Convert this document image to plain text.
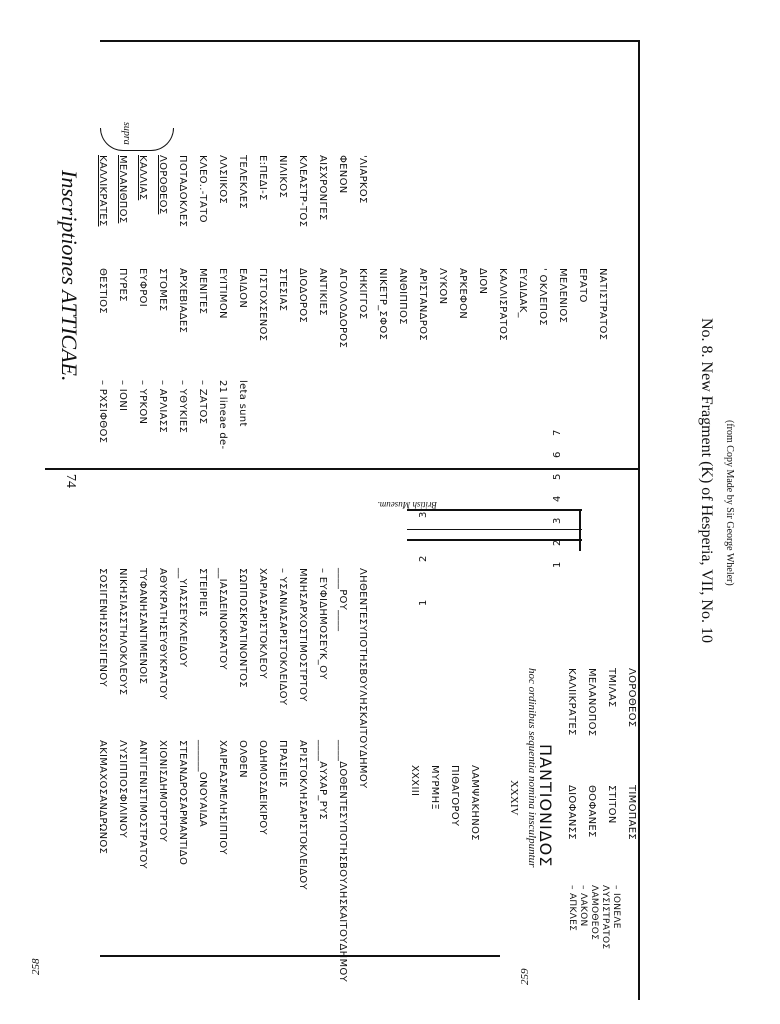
74
Inscriptiones ATTICAE.
– ΡΧΣΙΦΘΟΣ – ΙΟΝΙ – ΥΡΚΟΝ – ΑΡΛΙΑΣΣ – ΥΘΥΚΙΕΣ – ΖΑΤΟΣ 21 lineae de- leta sunt
ΘΕΣΤΙΟΣ ΠΥΡΕΣ ΕΥΦΡΟΙ ΣΤΟΜΕΣ ΑΡΧΕΒΙΑΔΕΣ ΜΕΝΙΤΕΣ ΕΥΙΤΙΜΟΝ ΕΑΙΔΟΝ ΓΙΣΤΟΧΣΕΝΟΣ ΣΤΕΣΙΑΣ ΔΙΟΔΟΡΟΣ ΑΝΤΙΚΙΕΣ ΑΓΟΛΛΟΔΟΡΟΣ ΚΗΚΙΓΓΟΣ ΝΙΚΕΤΡ_ΣΦΟΣ ΑΝΘΙΠΠΟΣ ΑΡΙΣΤΑΝΔΡΟΣ ΛΥΚΟΝ ΑΡΚΕΦΟΝ ΔΙΟΝ ΚΑΛΛΙΣΡΑΤΟΣ ΕΥΔΙΔΑΚ_ ' ΟΚΛΕΠΟΣ ΜΕΛΕΝΙΟΣ ΕΡΑΤΟ ΝΑΤΙΣΤΡΑΤΟΣ
ΚΑΛΛΙΚΡΑΤΕΣ ΜΕΛΑΝΘΠΟΣ ΚΑΛΛΙΑΣ ΛΟΡΟΘΕΟΣ ΠΟΤΑΔΟΚΛΕΣ ΚΛΕΟ..-ΤΑΤΟ ΛΛΣΙΙΚΟΣ ΤΕΛΕΚΛΕΣ Ε:ΠΕΔΙ-Σ ΝΙΛΙΚΟΣ ΚΛΕΑΣΤΡ-ΤΟΣ ΑΙΣΧΡΟΝΓΕΣ ΦΕΝΟΝ 'ΛΙΑΡΚΟΣ
supra
ΑΚΙΜΑΧΟΣΑΝΔΡΩΝΟΣ ΛΥΣΙΠΠΟΣΦΙΛΙΝΟΥ ΑΝΤΙΓΕΝΙΣΤΙΜΟΣΤΡΑΤΟΥ ΧΙΟΝΙΣΔΗΜΟΤΡΤΟΥ ΣΤΕΑΝΔΡΟΣΑΡΜΑΝΤΙΔΟ ______ΟΝΟΥΑΙΔΑ ΧΑΙΡΕΑΣΜΕΛΗΣΙΠΠΟΥ ΟΛΘΕΝ ΟΔΗΜΟΣΔΕΙΚΙΡΟΥ ΠΡΑΣΙΕΙΣ ΑΡΙΣΤΟΚΛΗΣΑΡΙΣΤΟΚΛΕΙΔΟΥ ____ΑΥΧΑΡ_ΡΥΣ ____ΔΟΘΕΝΤΕΣΥΠΟΤΗΣΒΟΥΛΗΣΚΑΙΤΟΥΔΗΜΟΥ
ΣΟΣΙΓΕΝΗΣΣΟΣΙΓΕΝΟΥ ΝΙΚΗΣΙΑΣΣΤΗΛΟΚΛΕΟΥΣ ΤΥΦΑΝΗΣΑΝΤΙΜΕΝΟΙΣ ΑΘΥΚΡΑΤΗΣΕΥΘΥΚΡΑΤΟΥ __ΥΙΑΣΣΕΥΚΛΕΙΔΟΥ ΣΤΕΙΡΙΕΙΣ __ΙΑΣΔΕΙΝΟΚΡΑΤΟΥ ΣΩΠΠΟΣΚΡΑΤΙΝΟΝΤΟΣ ΧΑΡΙΑΣΑΡΙΣΤΟΚΛΕΟΥ – ΥΣΑΝΙΑΣΑΡΙΣΤΟΚΛΕΙΔΟΥ ΜΝΗΣΑΡΧΟΣΤΙΜΟΣΤΡΤΟΥ – ΕΥΦΙΔΗΜΟΣΕΥΚ_ΟΥ ____ΡΟΥ____ ΛΗΘΕΝΤΕΣΥΠΟΤΗΣΒΟΥΛΗΣΚΑΙΤΟΥΔΗΜΟΥ	XXXIII ΜΥΡΜΗΞ ΠΙΘΑΓΟΡΟΥ ΛΑΜΨΑΚΗΝΟΣ	XXXIV hoc ordinibus sequentia nomina insculpuntur
ΠΑΝΤΙΟΝΙΔΟΣ
– ΑΠΚΛΕΣ – ΛΑΚΟΝ ΛΑΜΟΘΕΟΣ ΛΥΣΙΣΤΡΑΤΟΣ – ΙΟΝΕΛΕ
ΔΙΟΦΑΝΣΣ ΘΟΦΑΝΕΣ ΣΤΙΤΟΝ ΤΙΜΟΠΑΕΣ
ΚΑΛΙΙΚΡΑΤΕΣ ΜΕΛΑΝΟΠΟΣ ΤΜΙΛΑΣ ΛΟΡΟΘΕΟΣ
1
2
3
4
5
6
7
British Museum.
3
2
1
258
259
No. 8. New Fragment (K) of Hesperia, VII, No. 10 (from Copy Made by Sir George Wheler)
